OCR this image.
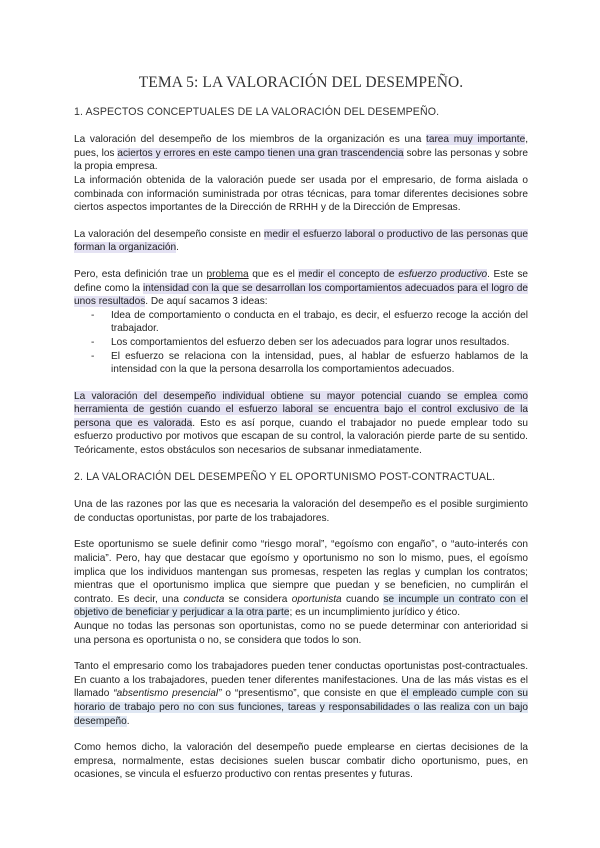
TEMA 5: LA VALORACIÓN DEL DESEMPEÑO.
1. ASPECTOS CONCEPTUALES DE LA VALORACIÓN DEL DESEMPEÑO.

La valoración del desempeño de los miembros de la organización es una tarea muy importante, pues, los aciertos y errores en este campo tienen una gran trascendencia sobre las personas y sobre la propia empresa.

La información obtenida de la valoración puede ser usada por el empresario, de forma aislada o combinada con información suministrada por otras técnicas, para tomar diferentes decisiones sobre ciertos aspectos importantes de la Dirección de RRHH y de la Dirección de Empresas.

La valoración del desempeño consiste en medir el esfuerzo laboral o productivo de las personas que forman la organización.

Pero, esta definición trae un problema que es el medir el concepto de esfuerzo productivo. Este se define como la intensidad con la que se desarrollan los comportamientos adecuados para el logro de unos resultados. De aquí sacamos 3 ideas:

- Idea de comportamiento o conducta en el trabajo, es decir, el esfuerzo recoge la acción del trabajador.
- Los comportamientos del esfuerzo deben ser los adecuados para lograr unos resultados.
- El esfuerzo se relaciona con la intensidad, pues, al hablar de esfuerzo hablamos de la intensidad con la que la persona desarrolla los comportamientos adecuados.

La valoración del desempeño individual obtiene su mayor potencial cuando se emplea como herramienta de gestión cuando el esfuerzo laboral se encuentra bajo el control exclusivo de la persona que es valorada. Esto es así porque, cuando el trabajador no puede emplear todo su esfuerzo productivo por motivos que escapan de su control, la valoración pierde parte de su sentido. Teóricamente, estos obstáculos son necesarios de subsanar inmediatamente.

2. LA VALORACIÓN DEL DESEMPEÑO Y EL OPORTUNISMO POST-CONTRACTUAL.

Una de las razones por las que es necesaria la valoración del desempeño es el posible surgimiento de conductas oportunistas, por parte de los trabajadores.

Este oportunismo se suele definir como “riesgo moral”, “egoísmo con engaño”, o “auto-interés con malicia”. Pero, hay que destacar que egoísmo y oportunismo no son lo mismo, pues, el egoísmo implica que los individuos mantengan sus promesas, respeten las reglas y cumplan los contratos; mientras que el oportunismo implica que siempre que puedan y se beneficien, no cumplirán el contrato. Es decir, una conducta se considera oportunista cuando se incumple un contrato con el objetivo de beneficiar y perjudicar a la otra parte; es un incumplimiento jurídico y ético.

Aunque no todas las personas son oportunistas, como no se puede determinar con anterioridad si una persona es oportunista o no, se considera que todos lo son.

Tanto el empresario como los trabajadores pueden tener conductas oportunistas post-contractuales. En cuanto a los trabajadores, pueden tener diferentes manifestaciones. Una de las más vistas es el llamado “absentismo presencial” o “presentismo”, que consiste en que el empleado cumple con su horario de trabajo pero no con sus funciones, tareas y responsabilidades o las realiza con un bajo desempeño.

Como hemos dicho, la valoración del desempeño puede emplearse en ciertas decisiones de la empresa, normalmente, estas decisiones suelen buscar combatir dicho oportunismo, pues, en ocasiones, se vincula el esfuerzo productivo con rentas presentes y futuras.
